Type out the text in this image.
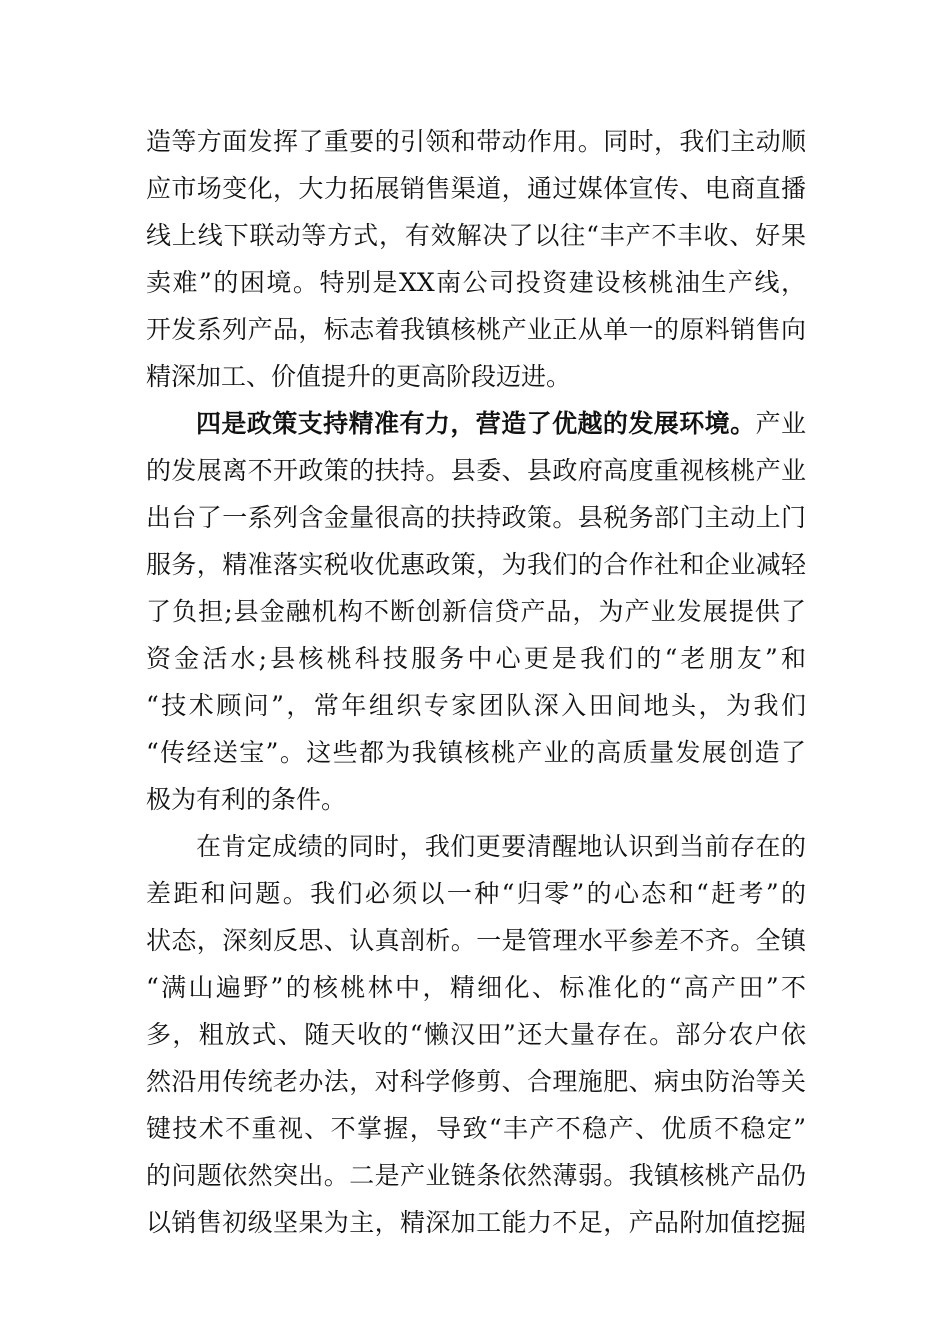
造等方面发挥了重要的引领和带动作用。同时，我们主动顺
应市场变化，大力拓展销售渠道，通过媒体宣传、电商直播
线上线下联动等方式，有效解决了以往“丰产不丰收、好果
卖难”的困境。特别是XX南公司投资建设核桃油生产线，
开发系列产品，标志着我镇核桃产业正从单一的原料销售向
精深加工、价值提升的更高阶段迈进。
四是政策支持精准有力，营造了优越的发展环境。产业
的发展离不开政策的扶持。县委、县政府高度重视核桃产业
出台了一系列含金量很高的扶持政策。县税务部门主动上门
服务，精准落实税收优惠政策，为我们的合作社和企业减轻
了负担;县金融机构不断创新信贷产品，为产业发展提供了
资金活水;县核桃科技服务中心更是我们的“老朋友”和
“技术顾问”，常年组织专家团队深入田间地头，为我们
“传经送宝”。这些都为我镇核桃产业的高质量发展创造了
极为有利的条件。
在肯定成绩的同时，我们更要清醒地认识到当前存在的
差距和问题。我们必须以一种“归零”的心态和“赶考”的
状态，深刻反思、认真剖析。一是管理水平参差不齐。全镇
“满山遍野”的核桃林中，精细化、标准化的“高产田”不
多，粗放式、随天收的“懒汉田”还大量存在。部分农户依
然沿用传统老办法，对科学修剪、合理施肥、病虫防治等关
键技术不重视、不掌握，导致“丰产不稳产、优质不稳定”
的问题依然突出。二是产业链条依然薄弱。我镇核桃产品仍
以销售初级坚果为主，精深加工能力不足，产品附加值挖掘
